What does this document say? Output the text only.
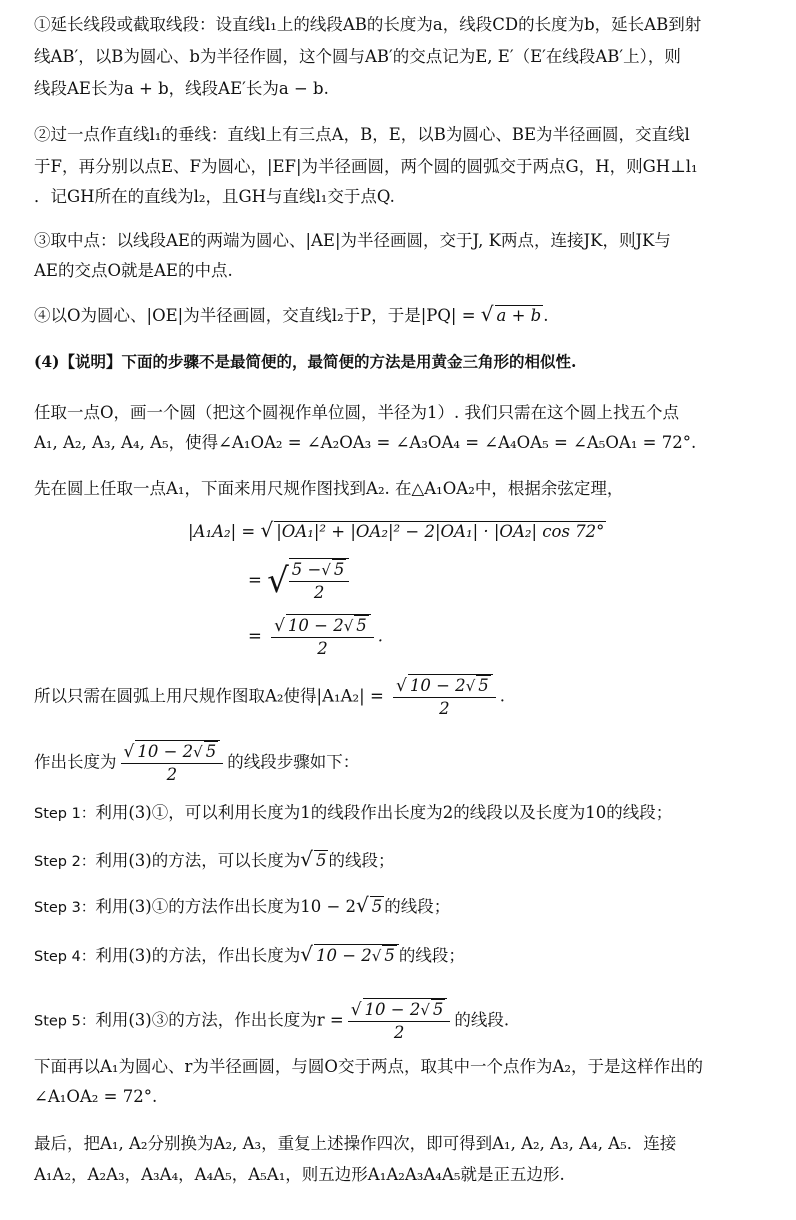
①延长线段或截取线段：设直线l₁上的线段AB的长度为a，线段CD的长度为b，延长AB到射
线AB′，以B为圆心、b为半径作圆，这个圆与AB′的交点记为E, E′（E′在线段AB′上），则
线段AE长为a + b，线段AE′长为a − b.
②过一点作直线l₁的垂线：直线l上有三点A，B，E，以B为圆心、BE为半径画圆，交直线l
于F，再分别以点E、F为圆心，|EF|为半径画圆，两个圆的圆弧交于两点G，H，则GH⊥l₁
．记GH所在的直线为l₂，且GH与直线l₁交于点Q.
③取中点：以线段AE的两端为圆心、|AE|为半径画圆，交于J, K两点，连接JK，则JK与
AE的交点O就是AE的中点.
④以O为圆心、|OE|为半径画圆，交直线l₂于P，于是|PQ| = √ a + b .
(4)【说明】下面的步骤不是最简便的，最简便的方法是用黄金三角形的相似性.
任取一点O，画一个圆（把这个圆视作单位圆，半径为1）. 我们只需在这个圆上找五个点
A₁, A₂, A₃, A₄, A₅，使得∠A₁OA₂ = ∠A₂OA₃ = ∠A₃OA₄ = ∠A₄OA₅ = ∠A₅OA₁ = 72°.
先在圆上任取一点A₁，下面来用尺规作图找到A₂. 在△A₁OA₂中，根据余弦定理，
|A₁A₂| = √ |OA₁|² + |OA₂|² − 2|OA₁| · |OA₂| cos 72°
= √ $\frac{5 -√ 5}{2}$
= $\frac{√ 10 - 2√ 5}{2}$ .
所以只需在圆弧上用尺规作图取A₂使得$|A_1A_2| = \frac{√ 10 - 2√ 5}{2}$ .
作出长度为 $\frac{√ 10 - 2√ 5}{2}$ 的线段步骤如下：
Step 1：利用(3)①，可以利用长度为1的线段作出长度为2的线段以及长度为10的线段；
Step 2：利用(3)的方法，可以长度为√ 5 的线段；
Step 3：利用(3)①的方法作出长度为10 − 2√ 5 的线段；
Step 4：利用(3)的方法，作出长度为√ 10 − 2√ 5 的线段；
Step 5：利用(3)③的方法，作出长度为$r = \frac{√ 10 - 2√ 5}{2}$ 的线段.
下面再以A₁为圆心、r为半径画圆，与圆O交于两点，取其中一个点作为A₂，于是这样作出的
∠A₁OA₂ = 72°.
最后，把A₁, A₂分别换为A₂, A₃，重复上述操作四次，即可得到A₁, A₂, A₃, A₄, A₅．连接
A₁A₂，A₂A₃，A₃A₄，A₄A₅，A₅A₁，则五边形A₁A₂A₃A₄A₅就是正五边形.
